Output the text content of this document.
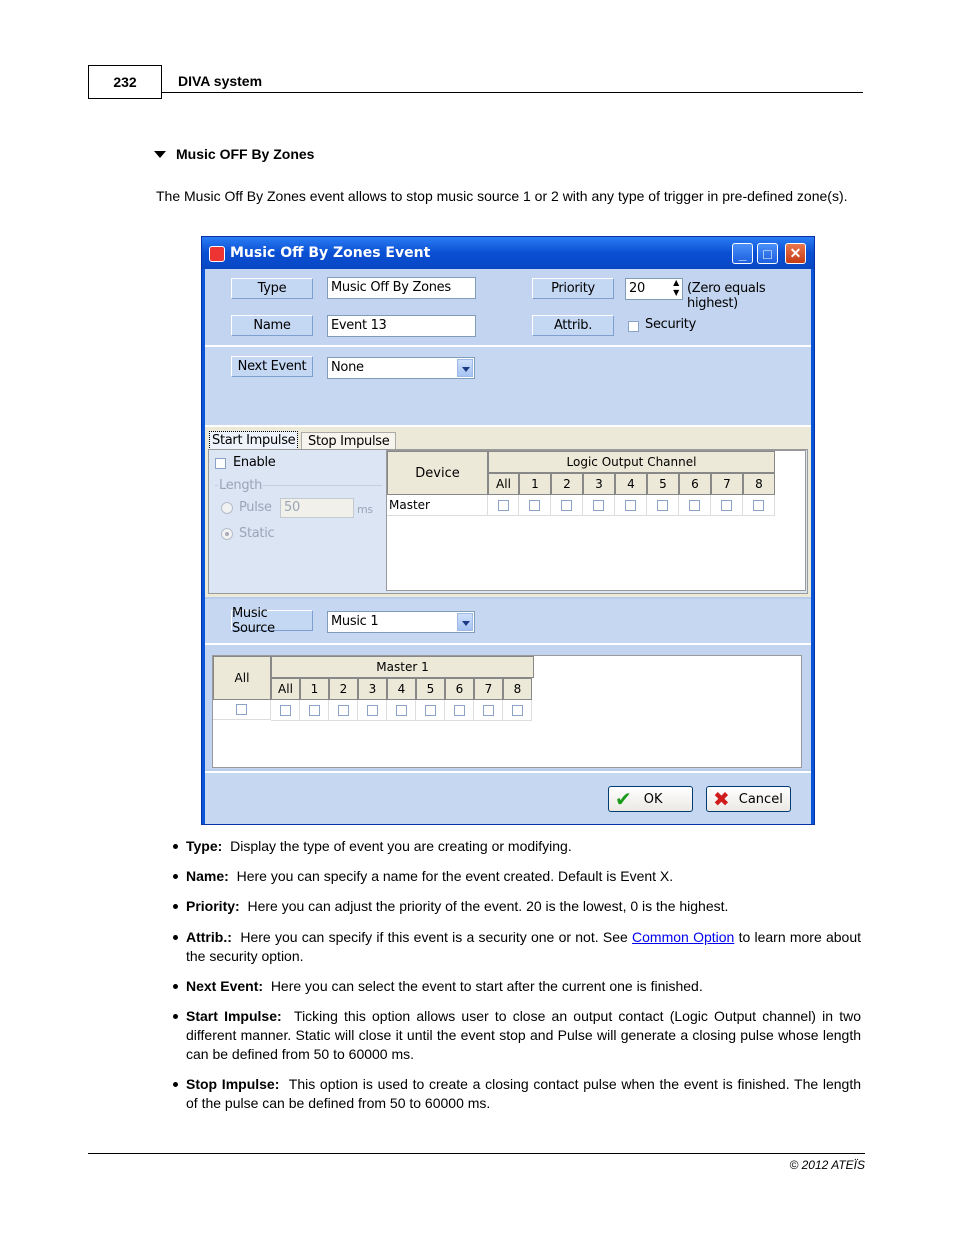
232	DIVA system
Music OFF By Zones
The Music Off By Zones event allows to stop music source 1 or 2 with any type of trigger in pre-defined zone(s).
Music Off By Zones Event	_	□	✕
Type	Music Off By Zones	Priority	20	▲
▼ (Zero equals highest)
Name	Event 13	Attrib.	Security
Next Event	None
Start Impulse Stop Impulse
Enable
Length
Pulse 50	ms
Static
Device
Logic Output Channel
All	1	2	3	4	5	6	7	8
Master
Music Source	Music 1
All
Master 1
All	1	2	3	4	5	6	7	8
✔ OK	✖ Cancel
Type: Display the type of event you are creating or modifying.
Name: Here you can specify a name for the event created. Default is Event X.
Priority: Here you can adjust the priority of the event. 20 is the lowest, 0 is the highest.
Attrib.: Here you can specify if this event is a security one or not. See Common Option to learn more about the security option.
Next Event: Here you can select the event to start after the current one is finished.
Start Impulse: Ticking this option allows user to close an output contact (Logic Output channel) in two different manner. Static will close it until the event stop and Pulse will generate a closing pulse whose length can be defined from 50 to 60000 ms.
Stop Impulse: This option is used to create a closing contact pulse when the event is finished. The length of the pulse can be defined from 50 to 60000 ms.
© 2012 ATEÏS
